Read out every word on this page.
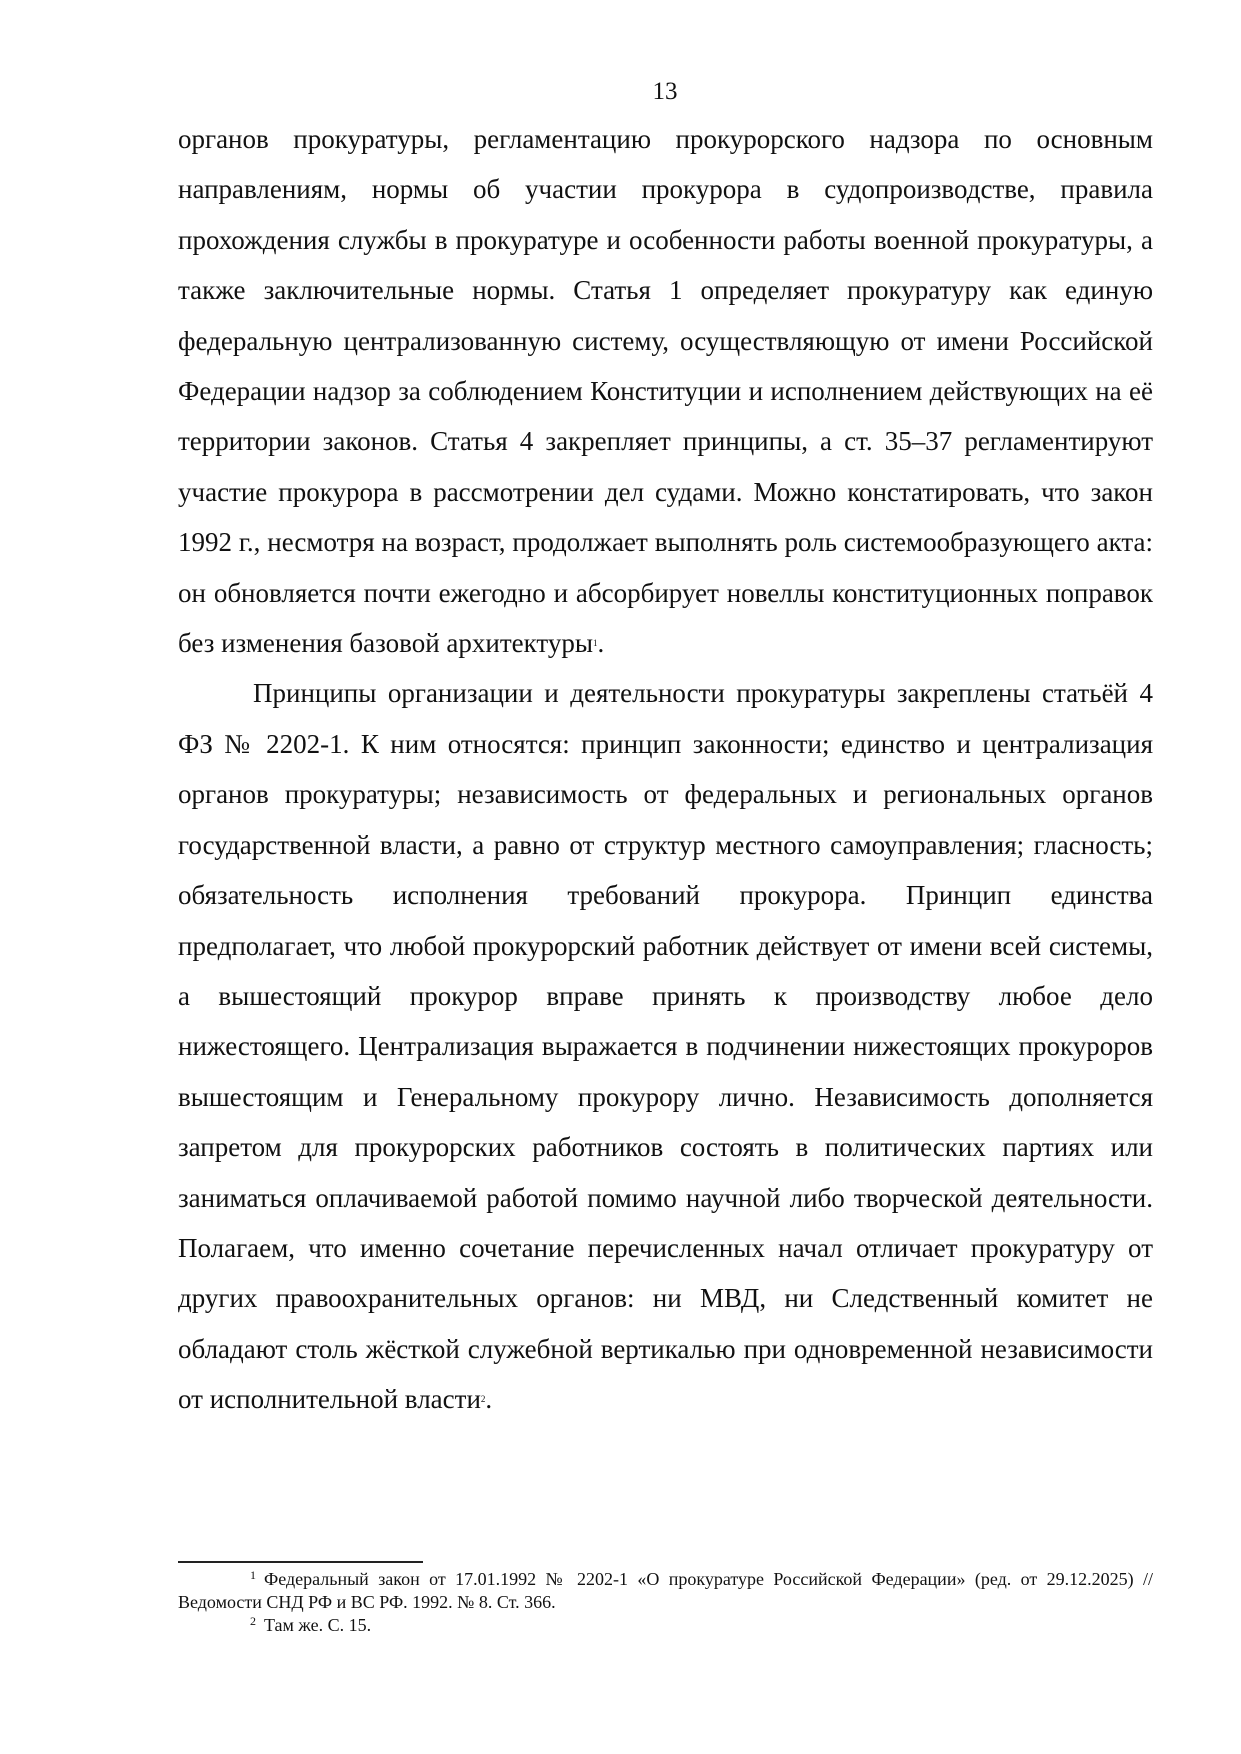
13

органов прокуратуры, регламентацию прокурорского надзора по основным направлениям, нормы об участии прокурора в судопроизводстве, правила прохождения службы в прокуратуре и особенности работы военной прокуратуры, а также заключительные нормы. Статья 1 определяет прокуратуру как единую федеральную централизованную систему, осуществляющую от имени Российской Федерации надзор за соблюдением Конституции и исполнением действующих на её территории законов. Статья 4 закрепляет принципы, а ст. 35–37 регламентируют участие прокурора в рассмотрении дел судами. Можно констатировать, что закон 1992 г., несмотря на возраст, продолжает выполнять роль системообразующего акта: он обновляется почти ежегодно и абсорбирует новеллы конституционных поправок без изменения базовой архитектуры$^1$.

Принципы организации и деятельности прокуратуры закреплены статьёй 4 ФЗ № 2202-1. К ним относятся: принцип законности; единство и централизация органов прокуратуры; независимость от федеральных и региональных органов государственной власти, а равно от структур местного самоуправления; гласность; обязательность исполнения требований прокурора. Принцип единства предполагает, что любой прокурорский работник действует от имени всей системы, а вышестоящий прокурор вправе принять к производству любое дело нижестоящего. Централизация выражается в подчинении нижестоящих прокуроров вышестоящим и Генеральному прокурору лично. Независимость дополняется запретом для прокурорских работников состоять в политических партиях или заниматься оплачиваемой работой помимо научной либо творческой деятельности. Полагаем, что именно сочетание перечисленных начал отличает прокуратуру от других правоохранительных органов: ни МВД, ни Следственный комитет не обладают столь жёсткой служебной вертикалью при одновременной независимости от исполнительной власти$^2$.

$^1$ Федеральный закон от 17.01.1992 № 2202-1 «О прокуратуре Российской Федерации» (ред. от 29.12.2025) // Ведомости СНД РФ и ВС РФ. 1992. № 8. Ст. 366.

$^2$ Там же. С. 15.
